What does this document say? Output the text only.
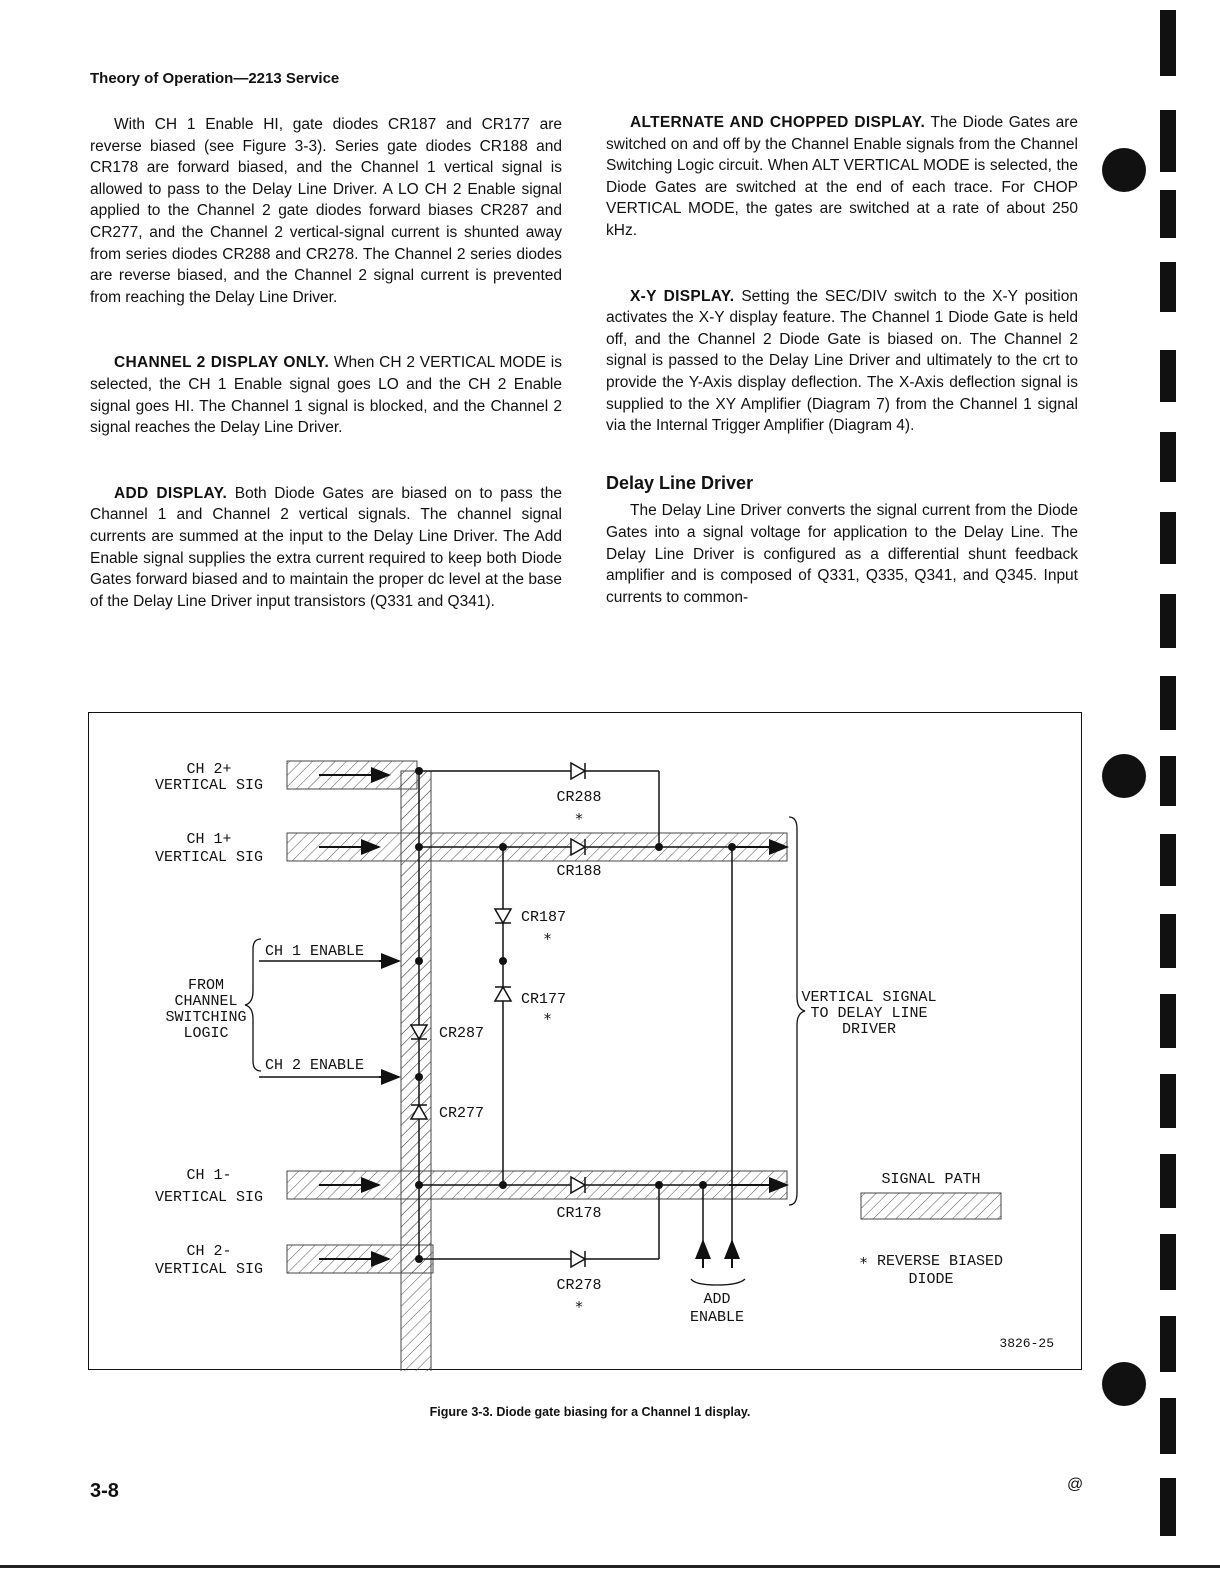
Theory of Operation—2213 Service

With CH 1 Enable HI, gate diodes CR187 and CR177 are reverse biased (see Figure 3-3). Series gate diodes CR188 and CR178 are forward biased, and the Channel 1 vertical signal is allowed to pass to the Delay Line Driver. A LO CH 2 Enable signal applied to the Channel 2 gate diodes forward biases CR287 and CR277, and the Channel 2 vertical-signal current is shunted away from series diodes CR288 and CR278. The Channel 2 series diodes are reverse biased, and the Channel 2 signal current is prevented from reaching the Delay Line Driver.

CHANNEL 2 DISPLAY ONLY. When CH 2 VERTICAL MODE is selected, the CH 1 Enable signal goes LO and the CH 2 Enable signal goes HI. The Channel 1 signal is blocked, and the Channel 2 signal reaches the Delay Line Driver.

ADD DISPLAY. Both Diode Gates are biased on to pass the Channel 1 and Channel 2 vertical signals. The channel signal currents are summed at the input to the Delay Line Driver. The Add Enable signal supplies the extra current required to keep both Diode Gates forward biased and to maintain the proper dc level at the base of the Delay Line Driver input transistors (Q331 and Q341).

ALTERNATE AND CHOPPED DISPLAY. The Diode Gates are switched on and off by the Channel Enable signals from the Channel Switching Logic circuit. When ALT VERTICAL MODE is selected, the Diode Gates are switched at the end of each trace. For CHOP VERTICAL MODE, the gates are switched at a rate of about 250 kHz.

X-Y DISPLAY. Setting the SEC/DIV switch to the X-Y position activates the X-Y display feature. The Channel 1 Diode Gate is held off, and the Channel 2 Diode Gate is biased on. The Channel 2 signal is passed to the Delay Line Driver and ultimately to the crt to provide the Y-Axis display deflection. The X-Axis deflection signal is supplied to the XY Amplifier (Diagram 7) from the Channel 1 signal via the Internal Trigger Amplifier (Diagram 4).

Delay Line Driver

The Delay Line Driver converts the signal current from the Diode Gates into a signal voltage for application to the Delay Line. The Delay Line Driver is configured as a differential shunt feedback amplifier and is composed of Q331, Q335, Q341, and Q345. Input currents to common-

CH 2+
VERTICAL SIG
CH 1+
VERTICAL SIG
CH 1-
VERTICAL SIG
CH 2-
VERTICAL SIG
FROM
CHANNEL
SWITCHING
LOGIC
CH 1 ENABLE
CH 2 ENABLE
CR288
∗
CR188
CR187
∗
CR177
∗
CR287
CR277
CR178
CR278
∗
VERTICAL SIGNAL
TO DELAY LINE
DRIVER
ADD
ENABLE
SIGNAL PATH
∗ REVERSE BIASED
DIODE
3826-25
Figure 3-3. Diode gate biasing for a Channel 1 display.
3-8	@
